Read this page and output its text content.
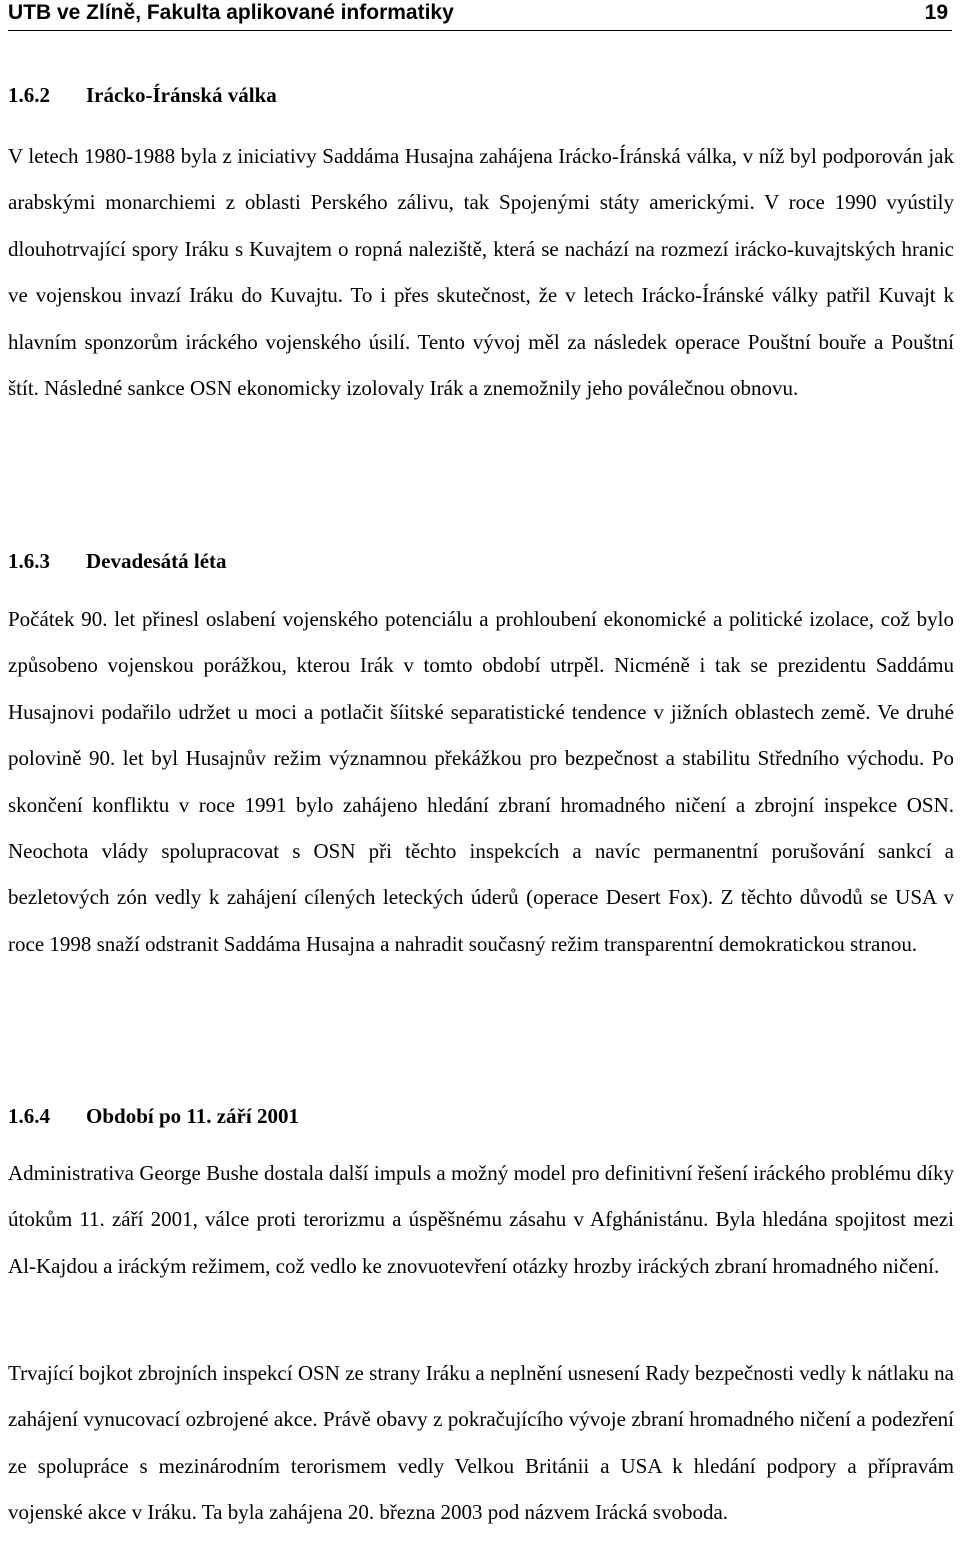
UTB ve Zlíně, Fakulta aplikované informatiky	19
1.6.2 Irácko-Íránská válka

V letech 1980-1988 byla z iniciativy Saddáma Husajna zahájena Irácko-Íránská válka, v níž byl podporován jak arabskými monarchiemi z oblasti Perského zálivu, tak Spojenými státy americkými. V roce 1990 vyústily dlouhotrvající spory Iráku s Kuvajtem o ropná naleziště, která se nachází na rozmezí irácko-kuvajtských hranic ve vojenskou invazí Iráku do Kuvajtu. To i přes skutečnost, že v letech Irácko-Íránské války patřil Kuvajt k hlavním sponzorům iráckého vojenského úsilí. Tento vývoj měl za následek operace Pouštní bouře a Pouštní štít. Následné sankce OSN ekonomicky izolovaly Irák a znemožnily jeho poválečnou obnovu.

1.6.3 Devadesátá léta

Počátek 90. let přinesl oslabení vojenského potenciálu a prohloubení ekonomické a politické izolace, což bylo způsobeno vojenskou porážkou, kterou Irák v tomto období utrpěl. Nicméně i tak se prezidentu Saddámu Husajnovi podařilo udržet u moci a potlačit šíitské separatistické tendence v jižních oblastech země. Ve druhé polovině 90. let byl Husajnův režim významnou překážkou pro bezpečnost a stabilitu Středního východu. Po skončení konfliktu v roce 1991 bylo zahájeno hledání zbraní hromadného ničení a zbrojní inspekce OSN. Neochota vlády spolupracovat s OSN při těchto inspekcích a navíc permanentní porušování sankcí a bezletových zón vedly k zahájení cílených leteckých úderů (operace Desert Fox). Z těchto důvodů se USA v roce 1998 snaží odstranit Saddáma Husajna a nahradit současný režim transparentní demokratickou stranou.

1.6.4 Období po 11. září 2001

Administrativa George Bushe dostala další impuls a možný model pro definitivní řešení iráckého problému díky útokům 11. září 2001, válce proti terorizmu a úspěšnému zásahu v Afghánistánu. Byla hledána spojitost mezi Al-Kajdou a iráckým režimem, což vedlo ke znovuotevření otázky hrozby iráckých zbraní hromadného ničení.

Trvající bojkot zbrojních inspekcí OSN ze strany Iráku a neplnění usnesení Rady bezpečnosti vedly k nátlaku na zahájení vynucovací ozbrojené akce. Právě obavy z pokračujícího vývoje zbraní hromadného ničení a podezření ze spolupráce s mezinárodním terorismem vedly Velkou Británii a USA k hledání podpory a přípravám vojenské akce v Iráku. Ta byla zahájena 20. března 2003 pod názvem Irácká svoboda.
